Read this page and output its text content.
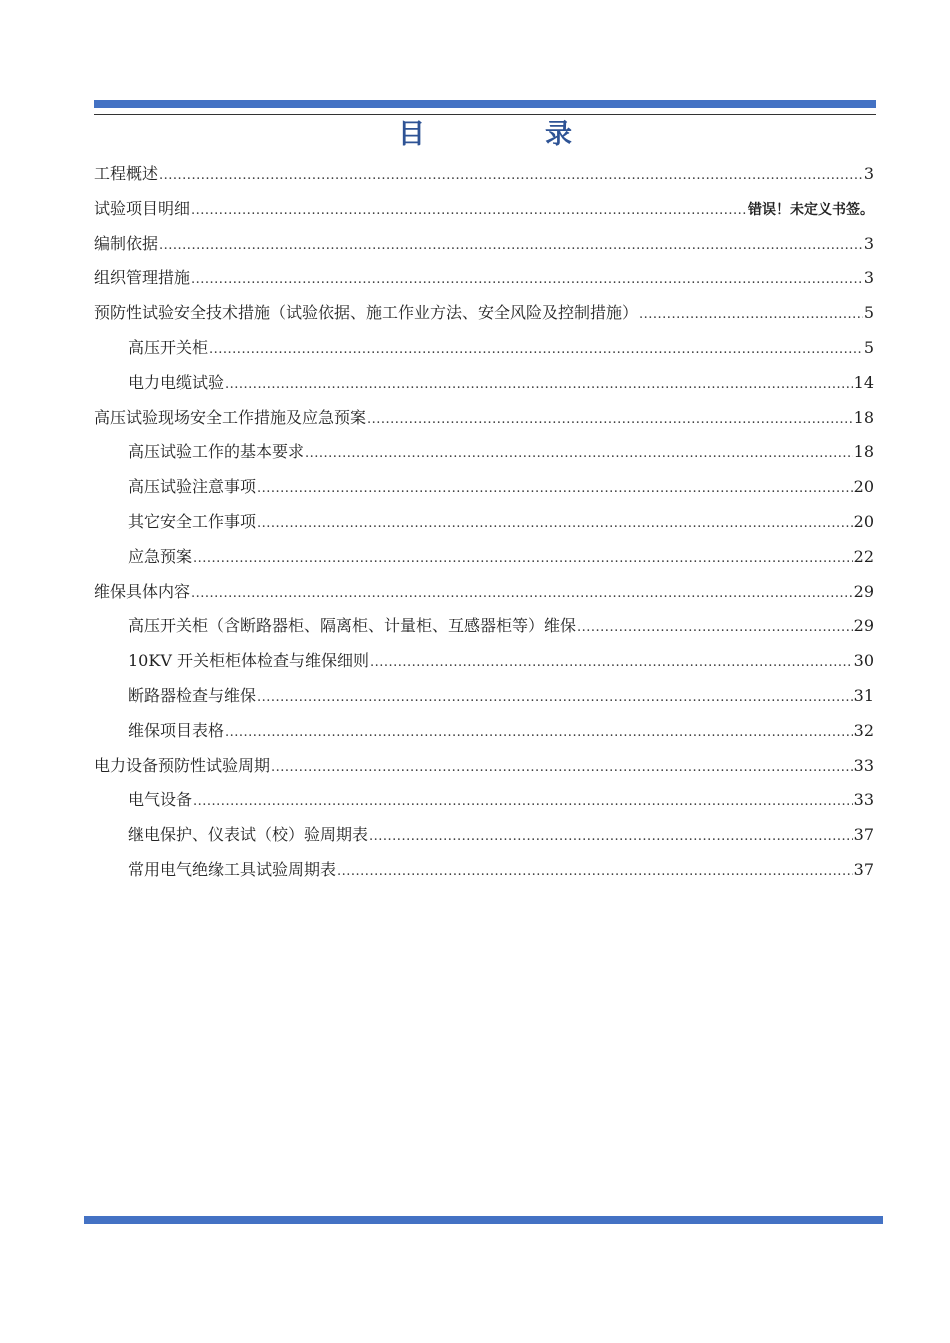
目	录
工程概述 .....	3
试验项目明细 .....	错误！未定义书签。
编制依据 .....	3
组织管理措施 .....	3
预防性试验安全技术措施（试验依据、施工作业方法、安全风险及控制措施） .....	5
高压开关柜 .....	5
电力电缆试验 .....	14
高压试验现场安全工作措施及应急预案 .....	18
高压试验工作的基本要求 .....	18
高压试验注意事项 .....	20
其它安全工作事项 .....	20
应急预案 .....	22
维保具体内容 .....	29
高压开关柜（含断路器柜、隔离柜、计量柜、互感器柜等）维保 .....	29
10KV 开关柜柜体检查与维保细则 .....	30
断路器检查与维保 .....	31
维保项目表格 .....	32
电力设备预防性试验周期 .....	33
电气设备 .....	33
继电保护、仪表试（校）验周期表 .....	37
常用电气绝缘工具试验周期表 .....	37
